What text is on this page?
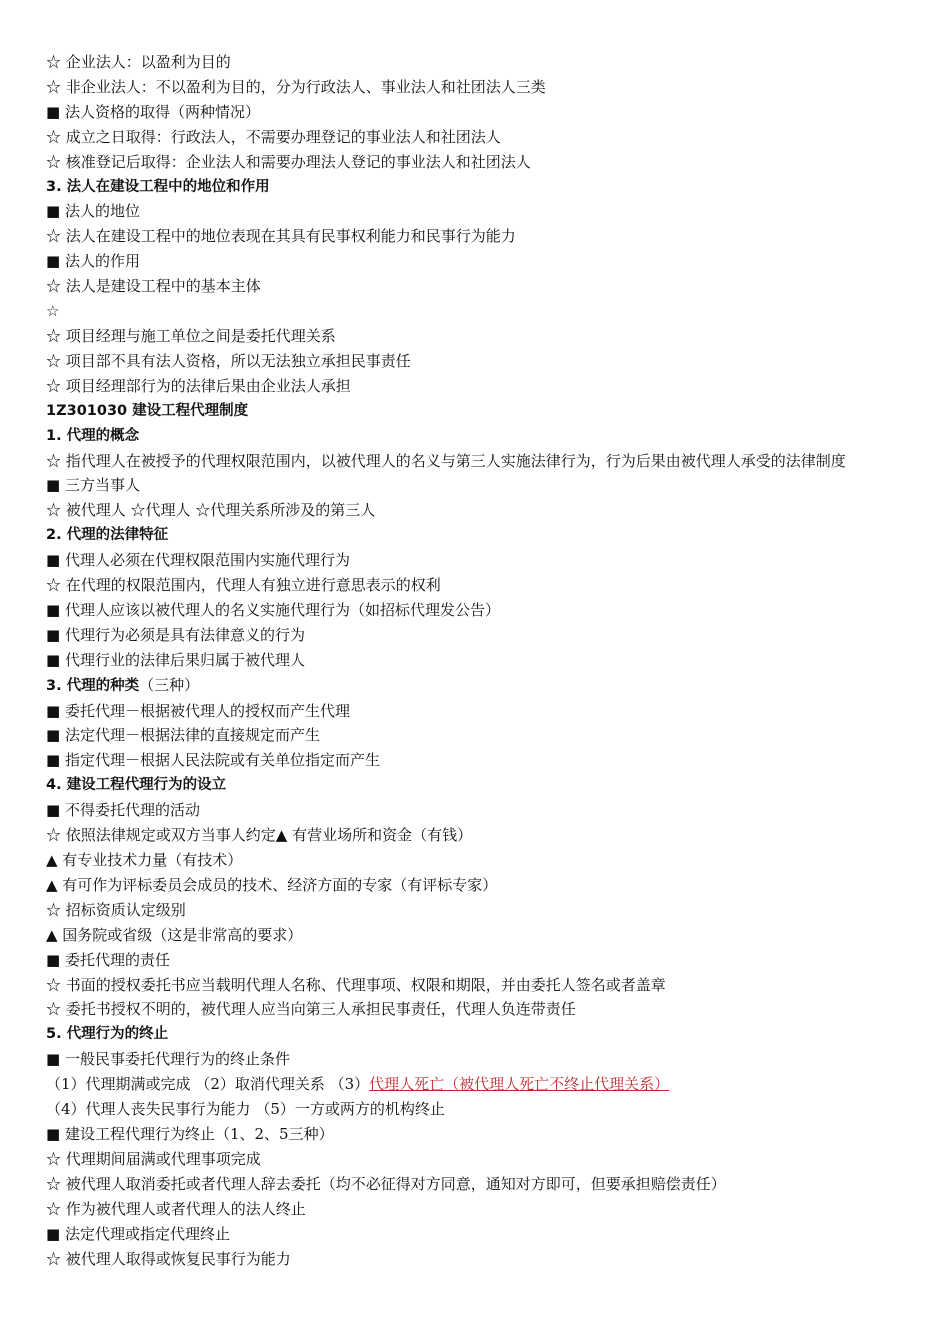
☆ 企业法人：以盈利为目的

☆ 非企业法人：不以盈利为目的，分为行政法人、事业法人和社团法人三类

■ 法人资格的取得（两种情况）

☆ 成立之日取得：行政法人，不需要办理登记的事业法人和社团法人

☆ 核准登记后取得：企业法人和需要办理法人登记的事业法人和社团法人

3. 法人在建设工程中的地位和作用

■ 法人的地位

☆ 法人在建设工程中的地位表现在其具有民事权利能力和民事行为能力

■ 法人的作用

☆ 法人是建设工程中的基本主体

☆

☆ 项目经理与施工单位之间是委托代理关系

☆ 项目部不具有法人资格，所以无法独立承担民事责任

☆ 项目经理部行为的法律后果由企业法人承担

1Z301030 建设工程代理制度

1. 代理的概念

☆ 指代理人在被授予的代理权限范围内，以被代理人的名义与第三人实施法律行为，行为后果由被代理人承受的法律制度

■ 三方当事人

☆ 被代理人 ☆代理人 ☆代理关系所涉及的第三人

2. 代理的法律特征

■ 代理人必须在代理权限范围内实施代理行为

☆ 在代理的权限范围内，代理人有独立进行意思表示的权利

■ 代理人应该以被代理人的名义实施代理行为（如招标代理发公告）

■ 代理行为必须是具有法律意义的行为

■ 代理行业的法律后果归属于被代理人

3. 代理的种类（三种）

■ 委托代理－根据被代理人的授权而产生代理

■ 法定代理－根据法律的直接规定而产生

■ 指定代理－根据人民法院或有关单位指定而产生

4. 建设工程代理行为的设立

■ 不得委托代理的活动

☆ 依照法律规定或双方当事人约定▲ 有营业场所和资金（有钱）

▲ 有专业技术力量（有技术）

▲ 有可作为评标委员会成员的技术、经济方面的专家（有评标专家）

☆ 招标资质认定级别

▲ 国务院或省级（这是非常高的要求）

■ 委托代理的责任

☆ 书面的授权委托书应当载明代理人名称、代理事项、权限和期限，并由委托人签名或者盖章

☆ 委托书授权不明的，被代理人应当向第三人承担民事责任，代理人负连带责任

5. 代理行为的终止

■ 一般民事委托代理行为的终止条件

（1）代理期满或完成 （2）取消代理关系 （3）代理人死亡（被代理人死亡不终止代理关系）

（4）代理人丧失民事行为能力 （5）一方或两方的机构终止

■ 建设工程代理行为终止（1、2、5三种）

☆ 代理期间届满或代理事项完成

☆ 被代理人取消委托或者代理人辞去委托（均不必征得对方同意，通知对方即可，但要承担赔偿责任）

☆ 作为被代理人或者代理人的法人终止

■ 法定代理或指定代理终止

☆ 被代理人取得或恢复民事行为能力
